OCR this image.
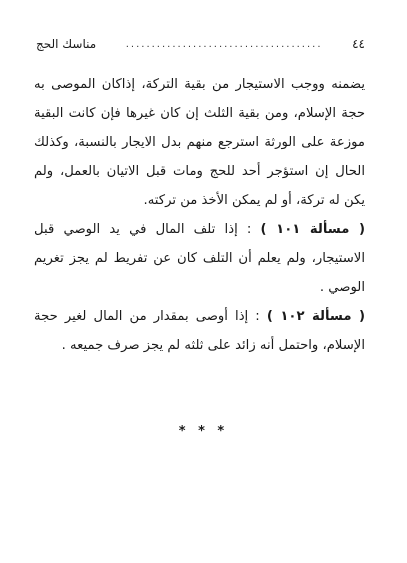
٤٤
......................................
مناسك الحج

يضمنه ووجب الاستيجار من بقية التركة، إذاكان الموصى به حجة الإسلام، ومن بقية الثلث إن كان غيرها فإن كانت البقية موزعة على الورثة استرجع منهم بدل الايجار بالنسبة، وكذلك الحال إن استؤجر أحد للحج ومات قبل الاتيان بالعمل، ولم يكن له تركة، أو لم يمكن الأخذ من تركته.

( مسألة ١٠١ ) : إذا تلف المال في يد الوصي قبل الاستيجار، ولم يعلم أن التلف كان عن تفريط لم يجز تغريم الوصي .

( مسألة ١٠٢ ) : إذا أوصى بمقدار من المال لغير حجة الإسلام، واحتمل أنه زائد على ثلثه لم يجز صرف جميعه .

* * *
